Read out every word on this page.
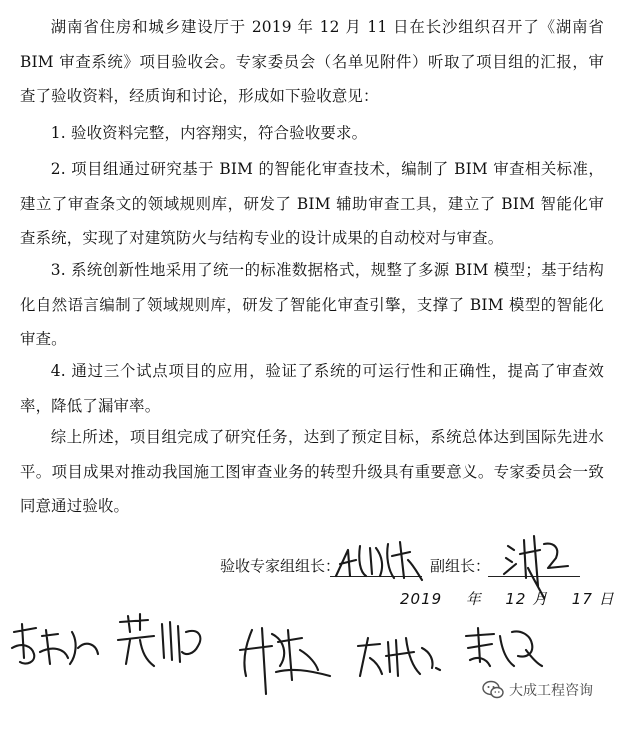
湖南省住房和城乡建设厅于 2019 年 12 月 11 日在长沙组织召开了《湖南省BIM 审查系统》项目验收会。专家委员会（名单见附件）听取了项目组的汇报，审查了验收资料，经质询和讨论，形成如下验收意见：

1. 验收资料完整，内容翔实，符合验收要求。

2. 项目组通过研究基于 BIM 的智能化审查技术，编制了 BIM 审查相关标准，建立了审查条文的领域规则库，研发了 BIM 辅助审查工具，建立了 BIM 智能化审查系统，实现了对建筑防火与结构专业的设计成果的自动校对与审查。

3. 系统创新性地采用了统一的标准数据格式，规整了多源 BIM 模型；基于结构化自然语言编制了领域规则库，研发了智能化审查引擎，支撑了 BIM 模型的智能化审查。

4. 通过三个试点项目的应用，验证了系统的可运行性和正确性，提高了审查效率，降低了漏审率。

综上所述，项目组完成了研究任务，达到了预定目标，系统总体达到国际先进水平。项目成果对推动我国施工图审查业务的转型升级具有重要意义。专家委员会一致同意通过验收。

验收专家组组长：	副组长：
2019 年 12 月 17 日
大成工程咨询
